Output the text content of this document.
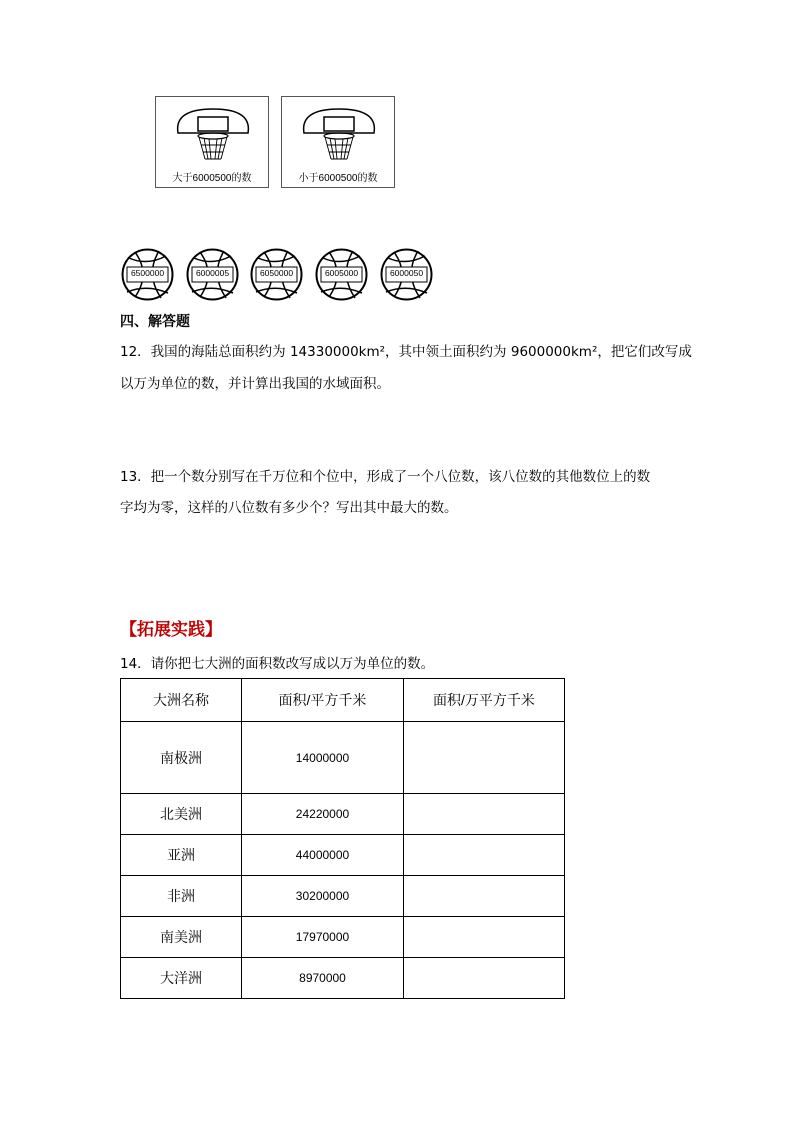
大于6000500的数	小于6000500的数
6500000	6000005	6050000	6005000	6000050
四、解答题
12．我国的海陆总面积约为 14330000km²，其中领土面积约为 9600000km²，把它们改写成
以万为单位的数，并计算出我国的水域面积。
13．把一个数分别写在千万位和个位中，形成了一个八位数，该八位数的其他数位上的数
字均为零，这样的八位数有多少个？写出其中最大的数。
【拓展实践】
14．请你把七大洲的面积数改写成以万为单位的数。
大洲名称	面积/平方千米	面积/万平方千米
南极洲	14000000	
北美洲	24220000	
亚洲	44000000	
非洲	30200000	
南美洲	17970000	
大洋洲	8970000	
